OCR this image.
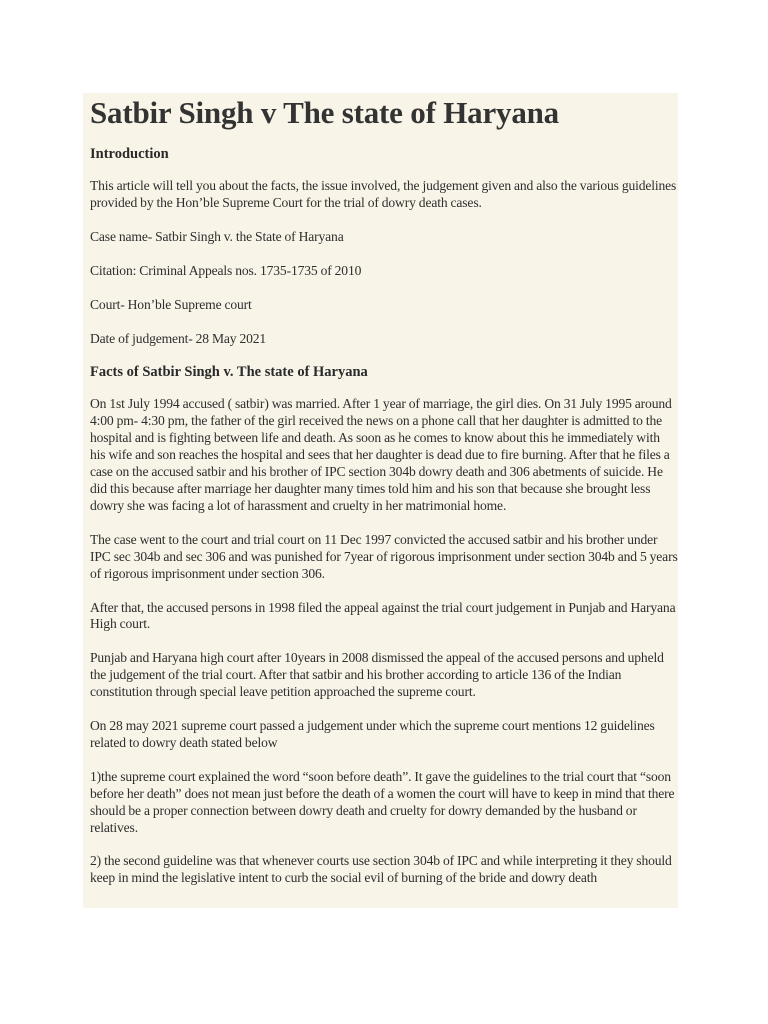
Satbir Singh v The state of Haryana
Introduction

This article will tell you about the facts, the issue involved, the judgement given and also the various guidelines provided by the Hon’ble Supreme Court for the trial of dowry death cases.

Case name- Satbir Singh v. the State of Haryana

Citation: Criminal Appeals nos. 1735-1735 of 2010

Court- Hon’ble Supreme court

Date of judgement- 28 May 2021

Facts of Satbir Singh v. The state of Haryana

On 1st July 1994 accused ( satbir) was married. After 1 year of marriage, the girl dies. On 31 July 1995 around 4:00 pm- 4:30 pm, the father of the girl received the news on a phone call that her daughter is admitted to the hospital and is fighting between life and death. As soon as he comes to know about this he immediately with his wife and son reaches the hospital and sees that her daughter is dead due to fire burning. After that he files a case on the accused satbir and his brother of IPC section 304b dowry death and 306 abetments of suicide. He did this because after marriage her daughter many times told him and his son that because she brought less dowry she was facing a lot of harassment and cruelty in her matrimonial home.

The case went to the court and trial court on 11 Dec 1997 convicted the accused satbir and his brother under IPC sec 304b and sec 306 and was punished for 7year of rigorous imprisonment under section 304b and 5 years of rigorous imprisonment under section 306.

After that, the accused persons in 1998 filed the appeal against the trial court judgement in Punjab and Haryana High court.

Punjab and Haryana high court after 10years in 2008 dismissed the appeal of the accused persons and upheld the judgement of the trial court. After that satbir and his brother according to article 136 of the Indian constitution through special leave petition approached the supreme court.

On 28 may 2021 supreme court passed a judgement under which the supreme court mentions 12 guidelines related to dowry death stated below

1)the supreme court explained the word “soon before death”. It gave the guidelines to the trial court that “soon before her death” does not mean just before the death of a women the court will have to keep in mind that there should be a proper connection between dowry death and cruelty for dowry demanded by the husband or relatives.

2) the second guideline was that whenever courts use section 304b of IPC and while interpreting it they should keep in mind the legislative intent to curb the social evil of burning of the bride and dowry death
